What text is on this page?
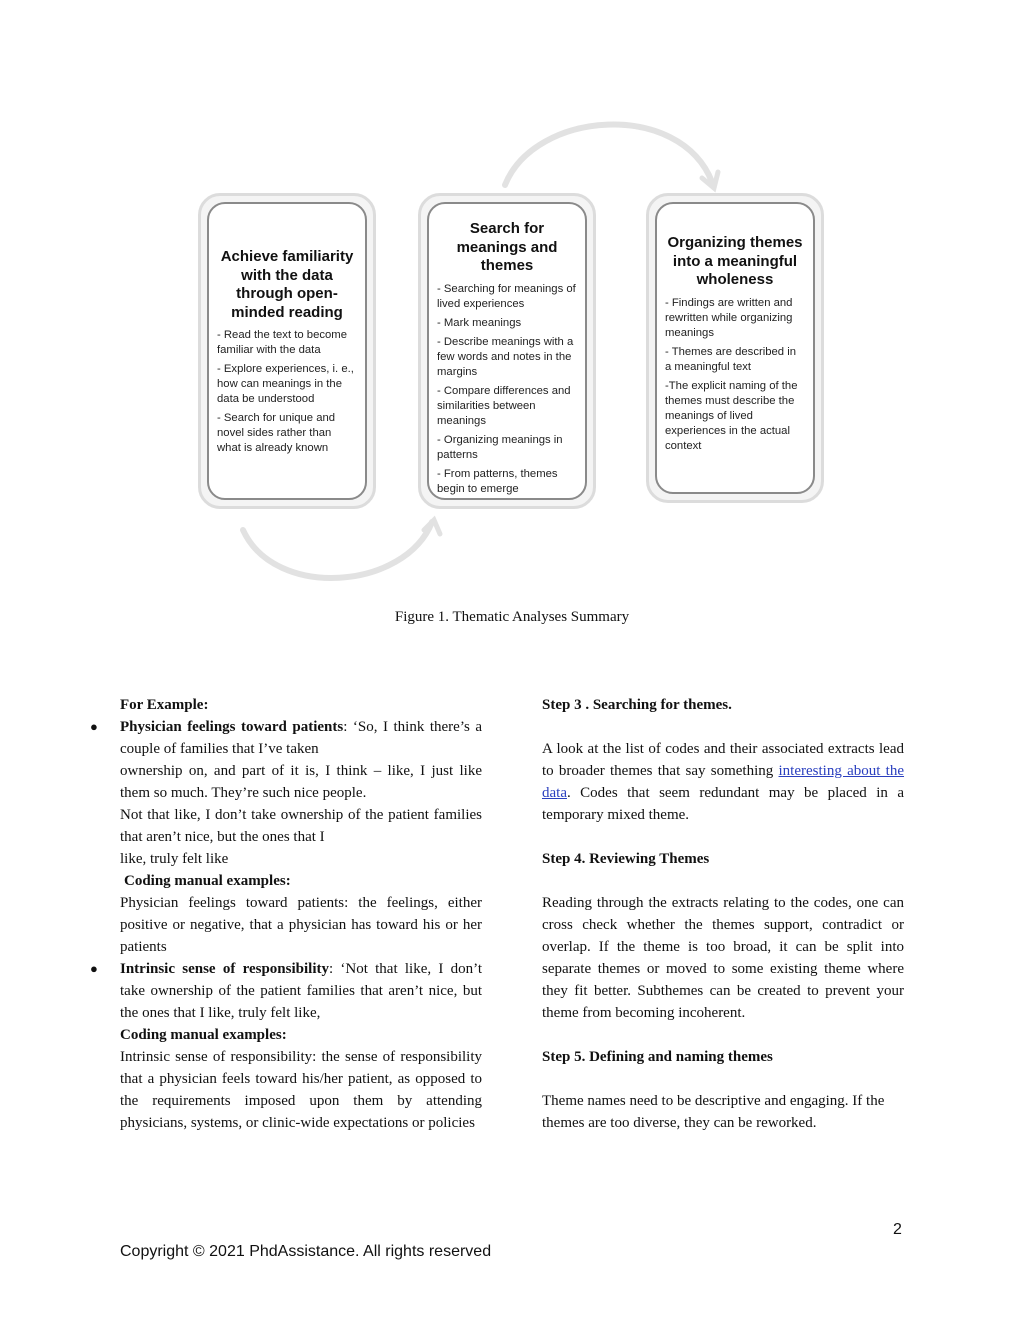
Achieve familiarity with the data through open-minded reading
- Read the text to become familiar with the data
- Explore experiences, i. e., how can meanings in the data be understood
- Search for unique and novel sides rather than what is already known
Search for meanings and themes
- Searching for meanings of lived experiences
- Mark meanings
- Describe meanings with a few words and notes in the margins
- Compare differences and similarities between meanings
- Organizing meanings in patterns
- From patterns, themes begin to emerge
Organizing themes into a meaningful wholeness
- Findings are written and rewritten while organizing meanings
- Themes are described in a meaningful text
-The explicit naming of the themes must describe the meanings of lived experiences in the actual context
Figure 1. Thematic Analyses Summary

For Example:

● Physician feelings toward patients: ‘So, I think there’s a couple of families that I’ve taken

ownership on, and part of it is, I think – like, I just like them so much. They’re such nice people.

Not that like, I don’t take ownership of the patient families that aren’t nice, but the ones that I

like, truly felt like

Coding manual examples:

Physician feelings toward patients: the feelings, either positive or negative, that a physician has toward his or her patients

● Intrinsic sense of responsibility: ‘Not that like, I don’t take ownership of the patient families that aren’t nice, but the ones that I like, truly felt like,

Coding manual examples:

Intrinsic sense of responsibility: the sense of responsibility that a physician feels toward his/her patient, as opposed to the requirements imposed upon them by attending physicians, systems, or clinic-wide expectations or policies

Step 3 . Searching for themes.

A look at the list of codes and their associated extracts lead to broader themes that say something interesting about the data. Codes that seem redundant may be placed in a temporary mixed theme.

Step 4. Reviewing Themes

Reading through the extracts relating to the codes, one can cross check whether the themes support, contradict or overlap. If the theme is too broad, it can be split into separate themes or moved to some existing theme where they fit better. Subthemes can be created to prevent your theme from becoming incoherent.

Step 5. Defining and naming themes

Theme names need to be descriptive and engaging. If the themes are too diverse, they can be reworked.

2
Copyright © 2021 PhdAssistance. All rights reserved
